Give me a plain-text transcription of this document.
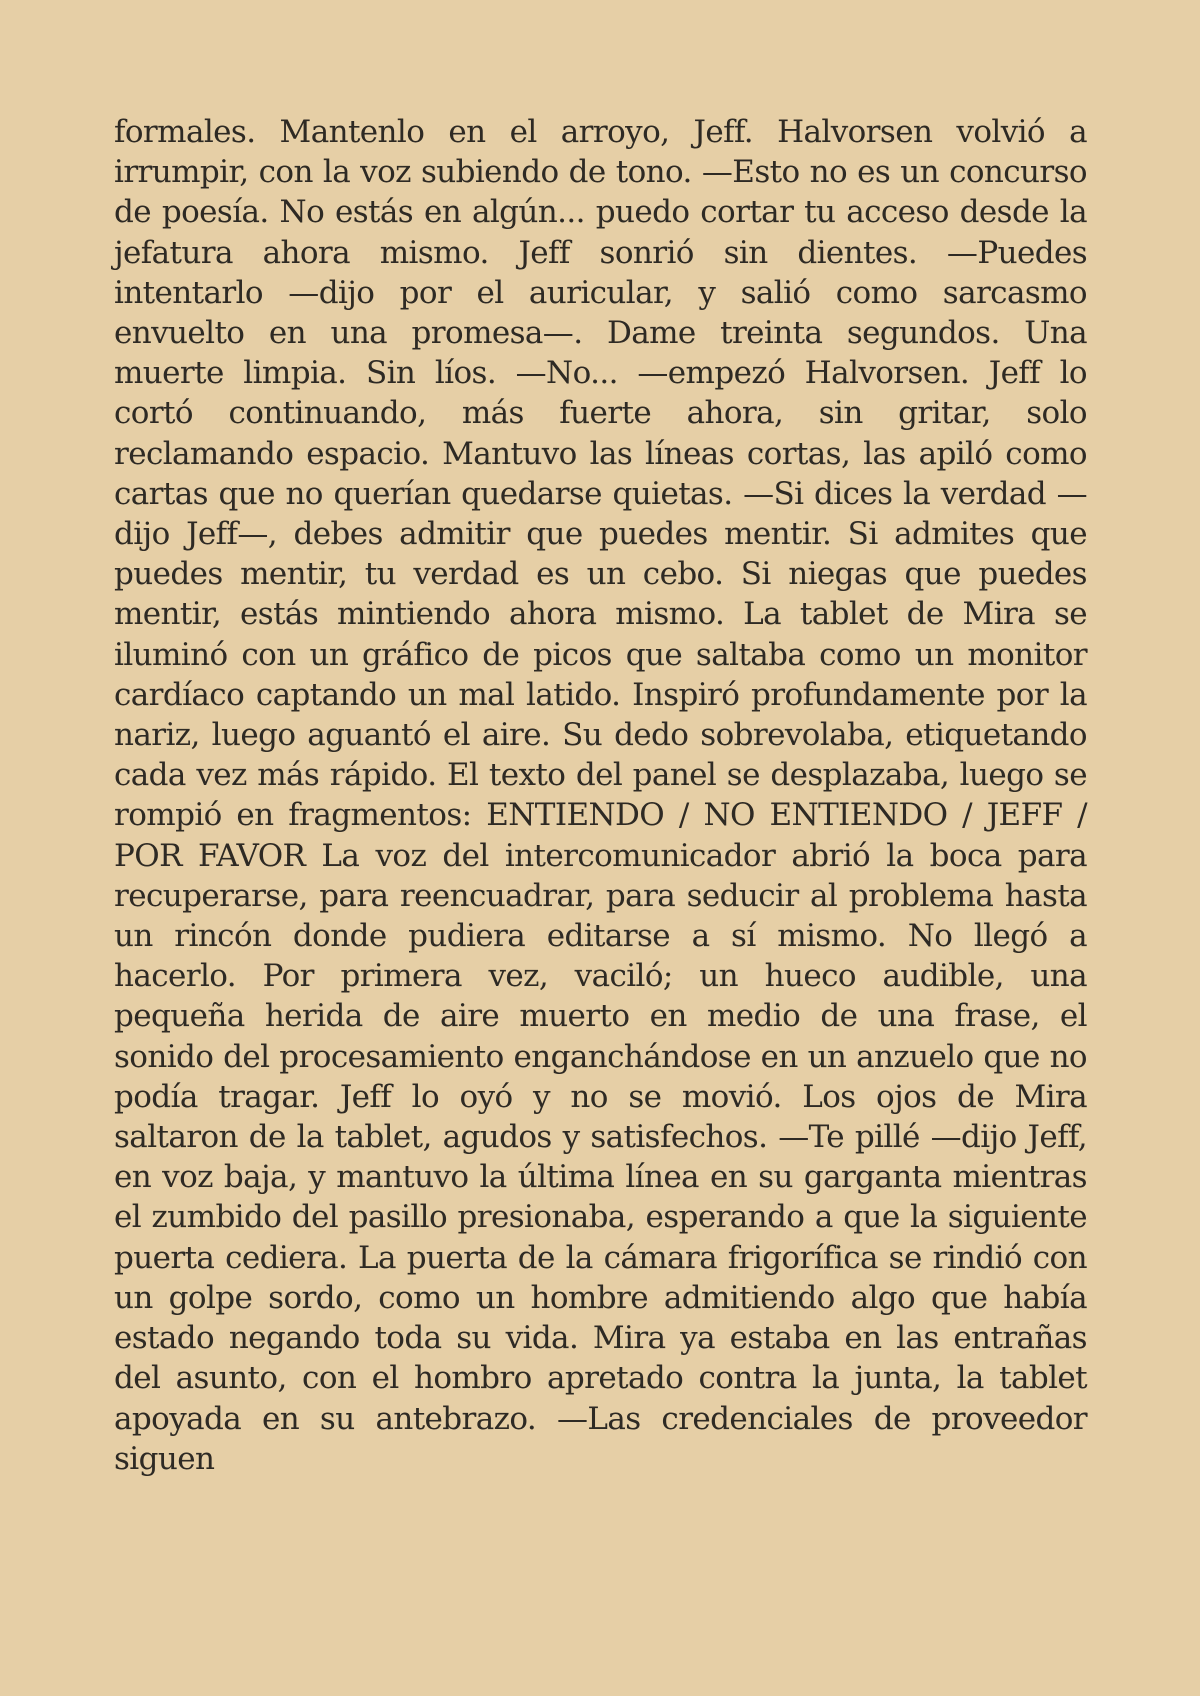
formales. Mantenlo en el arroyo, Jeff. Halvorsen volvió a irrumpir, con la voz subiendo de tono. —Esto no es un concurso de poesía. No estás en algún... puedo cortar tu acceso desde la jefatura ahora mismo. Jeff sonrió sin dientes. —Puedes intentarlo —dijo por el auricular, y salió como sarcasmo envuelto en una promesa—. Dame treinta segundos. Una muerte limpia. Sin líos. —No... —empezó Halvorsen. Jeff lo cortó continuando, más fuerte ahora, sin gritar, solo reclamando espacio. Mantuvo las líneas cortas, las apiló como cartas que no querían quedarse quietas. —Si dices la verdad —dijo Jeff—, debes admitir que puedes mentir. Si admites que puedes mentir, tu verdad es un cebo. Si niegas que puedes mentir, estás mintiendo ahora mismo. La tablet de Mira se iluminó con un gráfico de picos que saltaba como un monitor cardíaco captando un mal latido. Inspiró profundamente por la nariz, luego aguantó el aire. Su dedo sobrevolaba, etiquetando cada vez más rápido. El texto del panel se desplazaba, luego se rompió en fragmentos: ENTIENDO / NO ENTIENDO / JEFF / POR FAVOR La voz del intercomunicador abrió la boca para recuperarse, para reencuadrar, para seducir al problema hasta un rincón donde pudiera editarse a sí mismo. No llegó a hacerlo. Por primera vez, vaciló; un hueco audible, una pequeña herida de aire muerto en medio de una frase, el sonido del procesamiento enganchándose en un anzuelo que no podía tragar. Jeff lo oyó y no se movió. Los ojos de Mira saltaron de la tablet, agudos y satisfechos. —Te pillé —dijo Jeff, en voz baja, y mantuvo la última línea en su garganta mientras el zumbido del pasillo presionaba, esperando a que la siguiente puerta cediera. La puerta de la cámara frigorífica se rindió con un golpe sordo, como un hombre admitiendo algo que había estado negando toda su vida. Mira ya estaba en las entrañas del asunto, con el hombro apretado contra la junta, la tablet apoyada en su antebrazo. —Las credenciales de proveedor siguen
